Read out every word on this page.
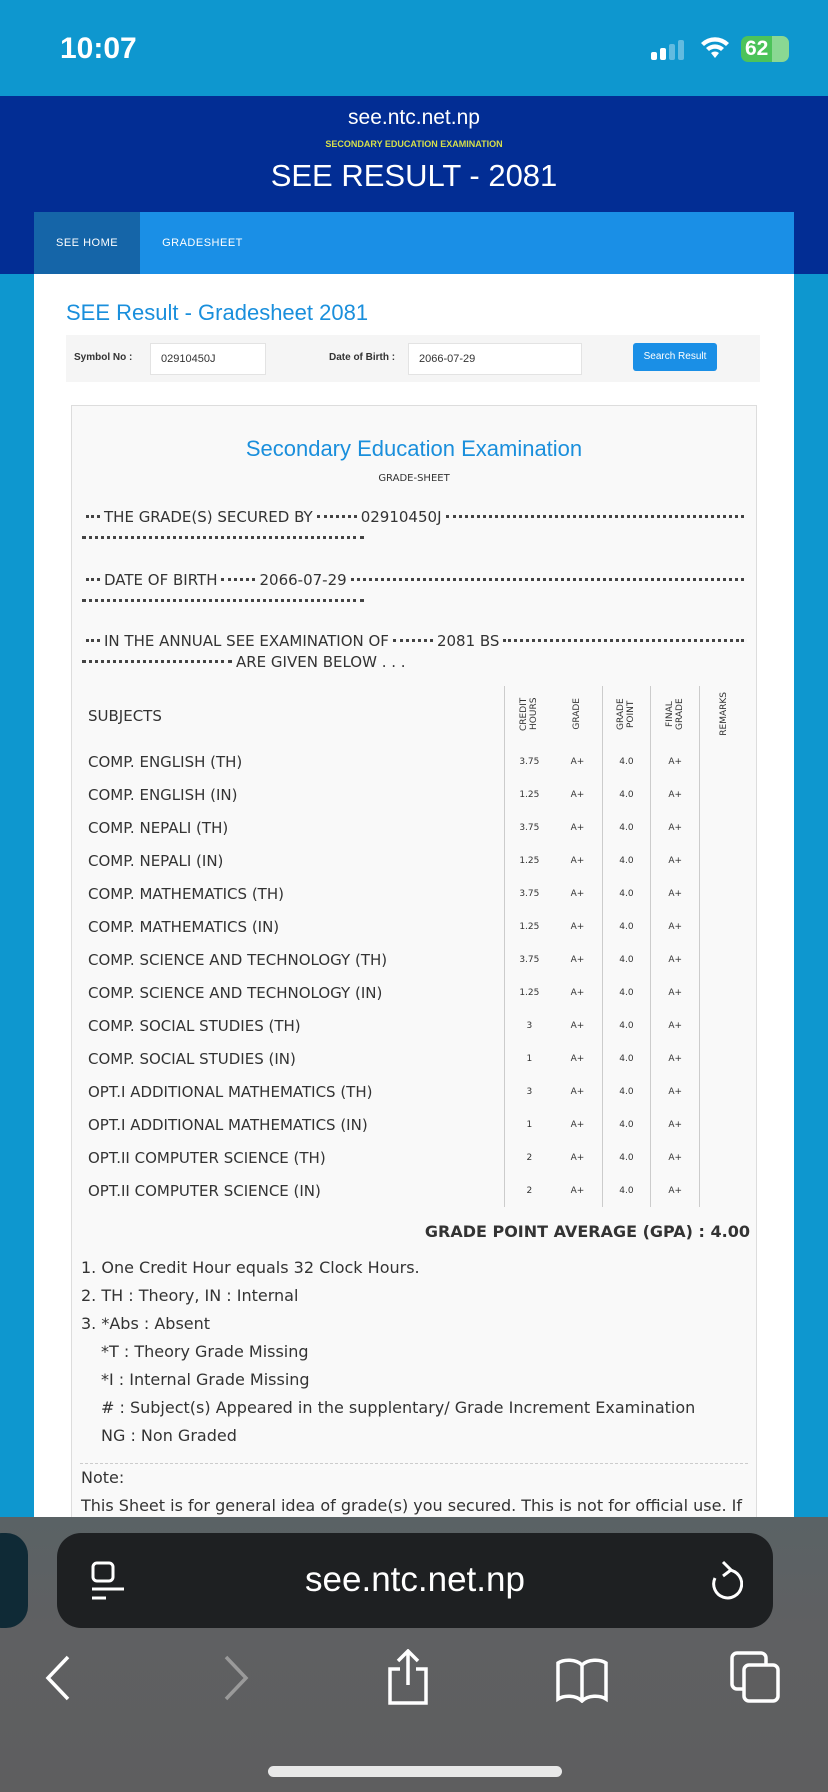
10:07	62
see.ntc.net.np
SECONDARY EDUCATION EXAMINATION
SEE RESULT - 2081
SEE HOME	GRADESHEET
SEE Result - Gradesheet 2081
Symbol No :	02910450J	Date of Birth :	2066-07-29	Search Result
Secondary Education Examination
GRADE-SHEET
THE GRADE(S) SECURED BY	02910450J
DATE OF BIRTH	2066-07-29
IN THE ANNUAL SEE EXAMINATION OF	2081 BS
ARE GIVEN BELOW . . .
SUBJECTS	CREDIT HOURS	GRADE	GRADE POINT	FINAL GRADE	REMARKS
COMP. ENGLISH (TH)	3.75	A+	4.0	A+	
COMP. ENGLISH (IN)	1.25	A+	4.0	A+	
COMP. NEPALI (TH)	3.75	A+	4.0	A+	
COMP. NEPALI (IN)	1.25	A+	4.0	A+	
COMP. MATHEMATICS (TH)	3.75	A+	4.0	A+	
COMP. MATHEMATICS (IN)	1.25	A+	4.0	A+	
COMP. SCIENCE AND TECHNOLOGY (TH)	3.75	A+	4.0	A+	
COMP. SCIENCE AND TECHNOLOGY (IN)	1.25	A+	4.0	A+	
COMP. SOCIAL STUDIES (TH)	3	A+	4.0	A+	
COMP. SOCIAL STUDIES (IN)	1	A+	4.0	A+	
OPT.I ADDITIONAL MATHEMATICS (TH)	3	A+	4.0	A+	
OPT.I ADDITIONAL MATHEMATICS (IN)	1	A+	4.0	A+	
OPT.II COMPUTER SCIENCE (TH)	2	A+	4.0	A+	
OPT.II COMPUTER SCIENCE (IN)	2	A+	4.0	A+	
GRADE POINT AVERAGE (GPA) : 4.00
1. One Credit Hour equals 32 Clock Hours.
2. TH : Theory, IN : Internal
3. *Abs : Absent
*T : Theory Grade Missing
*I : Internal Grade Missing
# : Subject(s) Appeared in the supplentary/ Grade Increment Examination
NG : Non Graded
Note:
This Sheet is for general idea of grade(s) you secured. This is not for official use. If
see.ntc.net.np
